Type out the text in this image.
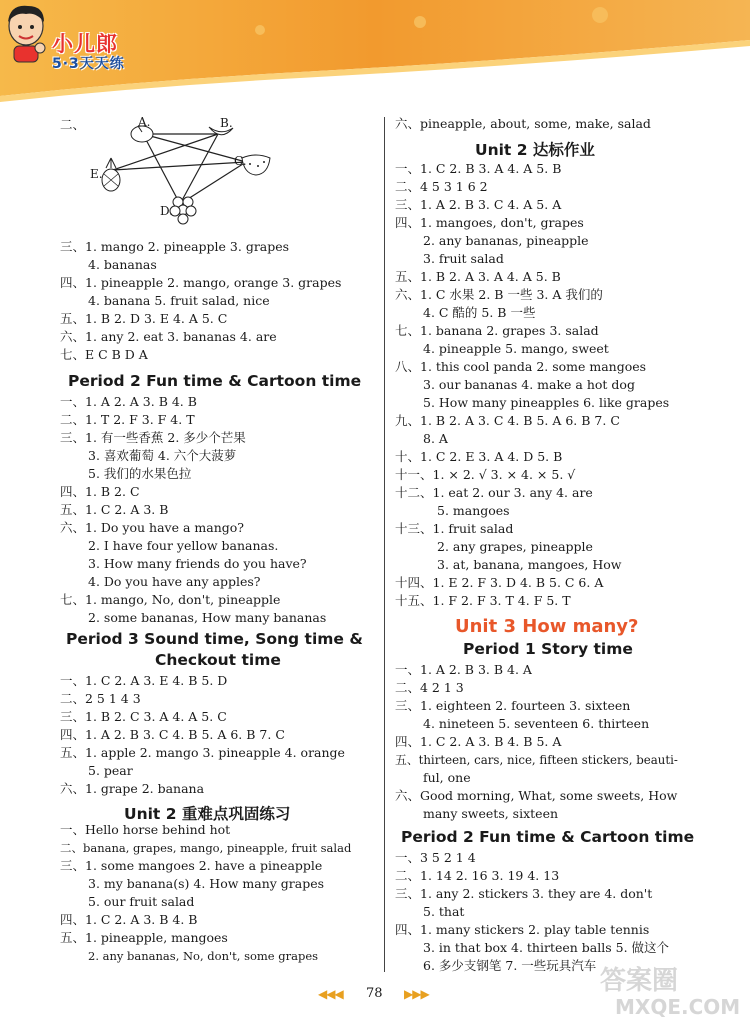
小儿郎
5·3天天练
二、	A.	B.
C.
D.
E.
三、1. mango 2. pineapple 3. grapes
4. bananas
四、1. pineapple 2. mango, orange 3. grapes
4. banana 5. fruit salad, nice
五、1. B 2. D 3. E 4. A 5. C
六、1. any 2. eat 3. bananas 4. are
七、E C B D A
Period 2 Fun time & Cartoon time
一、1. A 2. A 3. B 4. B
二、1. T 2. F 3. F 4. T
三、1. 有一些香蕉 2. 多少个芒果
3. 喜欢葡萄 4. 六个大菠萝
5. 我们的水果色拉
四、1. B 2. C
五、1. C 2. A 3. B
六、1. Do you have a mango?
2. I have four yellow bananas.
3. How many friends do you have?
4. Do you have any apples?
七、1. mango, No, don't, pineapple
2. some bananas, How many bananas
Period 3 Sound time, Song time &
Checkout time
一、1. C 2. A 3. E 4. B 5. D
二、2 5 1 4 3
三、1. B 2. C 3. A 4. A 5. C
四、1. A 2. B 3. C 4. B 5. A 6. B 7. C
五、1. apple 2. mango 3. pineapple 4. orange
5. pear
六、1. grape 2. banana
Unit 2 重难点巩固练习
一、Hello horse behind hot
二、banana, grapes, mango, pineapple, fruit salad
三、1. some mangoes 2. have a pineapple
3. my banana(s) 4. How many grapes
5. our fruit salad
四、1. C 2. A 3. B 4. B
五、1. pineapple, mangoes
2. any bananas, No, don't, some grapes
六、pineapple, about, some, make, salad
Unit 2 达标作业
一、1. C 2. B 3. A 4. A 5. B
二、4 5 3 1 6 2
三、1. A 2. B 3. C 4. A 5. A
四、1. mangoes, don't, grapes
2. any bananas, pineapple
3. fruit salad
五、1. B 2. A 3. A 4. A 5. B
六、1. C 水果 2. B 一些 3. A 我们的
4. C 酷的 5. B 一些
七、1. banana 2. grapes 3. salad
4. pineapple 5. mango, sweet
八、1. this cool panda 2. some mangoes
3. our bananas 4. make a hot dog
5. How many pineapples 6. like grapes
九、1. B 2. A 3. C 4. B 5. A 6. B 7. C
8. A
十、1. C 2. E 3. A 4. D 5. B
十一、1. × 2. √ 3. × 4. × 5. √
十二、1. eat 2. our 3. any 4. are
5. mangoes
十三、1. fruit salad
2. any grapes, pineapple
3. at, banana, mangoes, How
十四、1. E 2. F 3. D 4. B 5. C 6. A
十五、1. F 2. F 3. T 4. F 5. T
Unit 3 How many?
Period 1 Story time
一、1. A 2. B 3. B 4. A
二、4 2 1 3
三、1. eighteen 2. fourteen 3. sixteen
4. nineteen 5. seventeen 6. thirteen
四、1. C 2. A 3. B 4. B 5. A
五、thirteen, cars, nice, fifteen stickers, beauti-
ful, one
六、Good morning, What, some sweets, How
many sweets, sixteen
Period 2 Fun time & Cartoon time
一、3 5 2 1 4
二、1. 14 2. 16 3. 19 4. 13
三、1. any 2. stickers 3. they are 4. don't
5. that
四、1. many stickers 2. play table tennis
3. in that box 4. thirteen balls 5. 做这个
6. 多少支钢笔 7. 一些玩具汽车
◀◀◀ 78 ▶▶▶	答案圈
MXQE.COM
